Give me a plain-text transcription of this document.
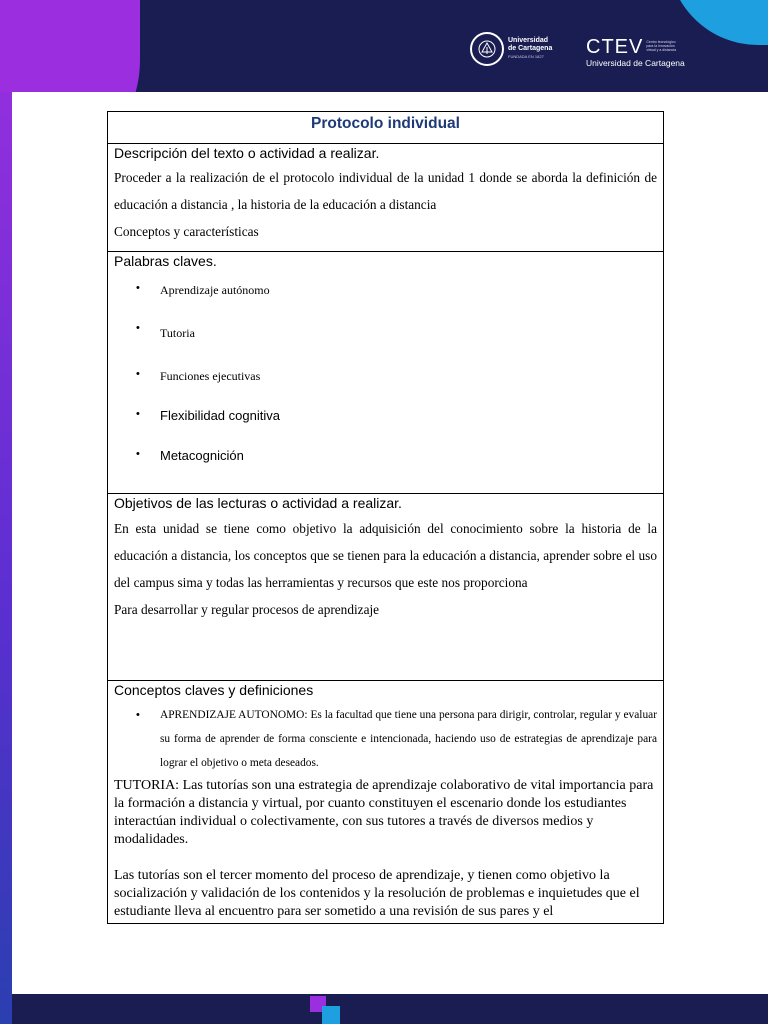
Universidad
de Cartagena
FUNDADA EN 1827	CTEV Centro tecnológico para la innovación virtual y a distancia
Universidad de Cartagena
Protocolo individual

Descripción del texto o actividad a realizar.

Proceder a la realización de el protocolo individual de la unidad 1 donde se aborda la definición de educación a distancia , la historia de la educación a distancia

Conceptos y características

Palabras claves.
• Aprendizaje autónomo
• Tutoria
• Funciones ejecutivas
• Flexibilidad cognitiva
• Metacognición

Objetivos de las lecturas o actividad a realizar.

En esta unidad se tiene como objetivo la adquisición del conocimiento sobre la historia de la educación a distancia, los conceptos que se tienen para la educación a distancia, aprender sobre el uso del campus sima y todas las herramientas y recursos que este nos proporciona

Para desarrollar y regular procesos de aprendizaje

Conceptos claves y definiciones
• APRENDIZAJE AUTONOMO: Es la facultad que tiene una persona para dirigir, controlar, regular y evaluar su forma de aprender de forma consciente e intencionada, haciendo uso de estrategias de aprendizaje para lograr el objetivo o meta deseados.

TUTORIA: Las tutorías son una estrategia de aprendizaje colaborativo de vital importancia para la formación a distancia y virtual, por cuanto constituyen el escenario donde los estudiantes interactúan individual o colectivamente, con sus tutores a través de diversos medios y modalidades.

Las tutorías son el tercer momento del proceso de aprendizaje, y tienen como objetivo la socialización y validación de los contenidos y la resolución de problemas e inquietudes que el estudiante lleva al encuentro para ser sometido a una revisión de sus pares y el
